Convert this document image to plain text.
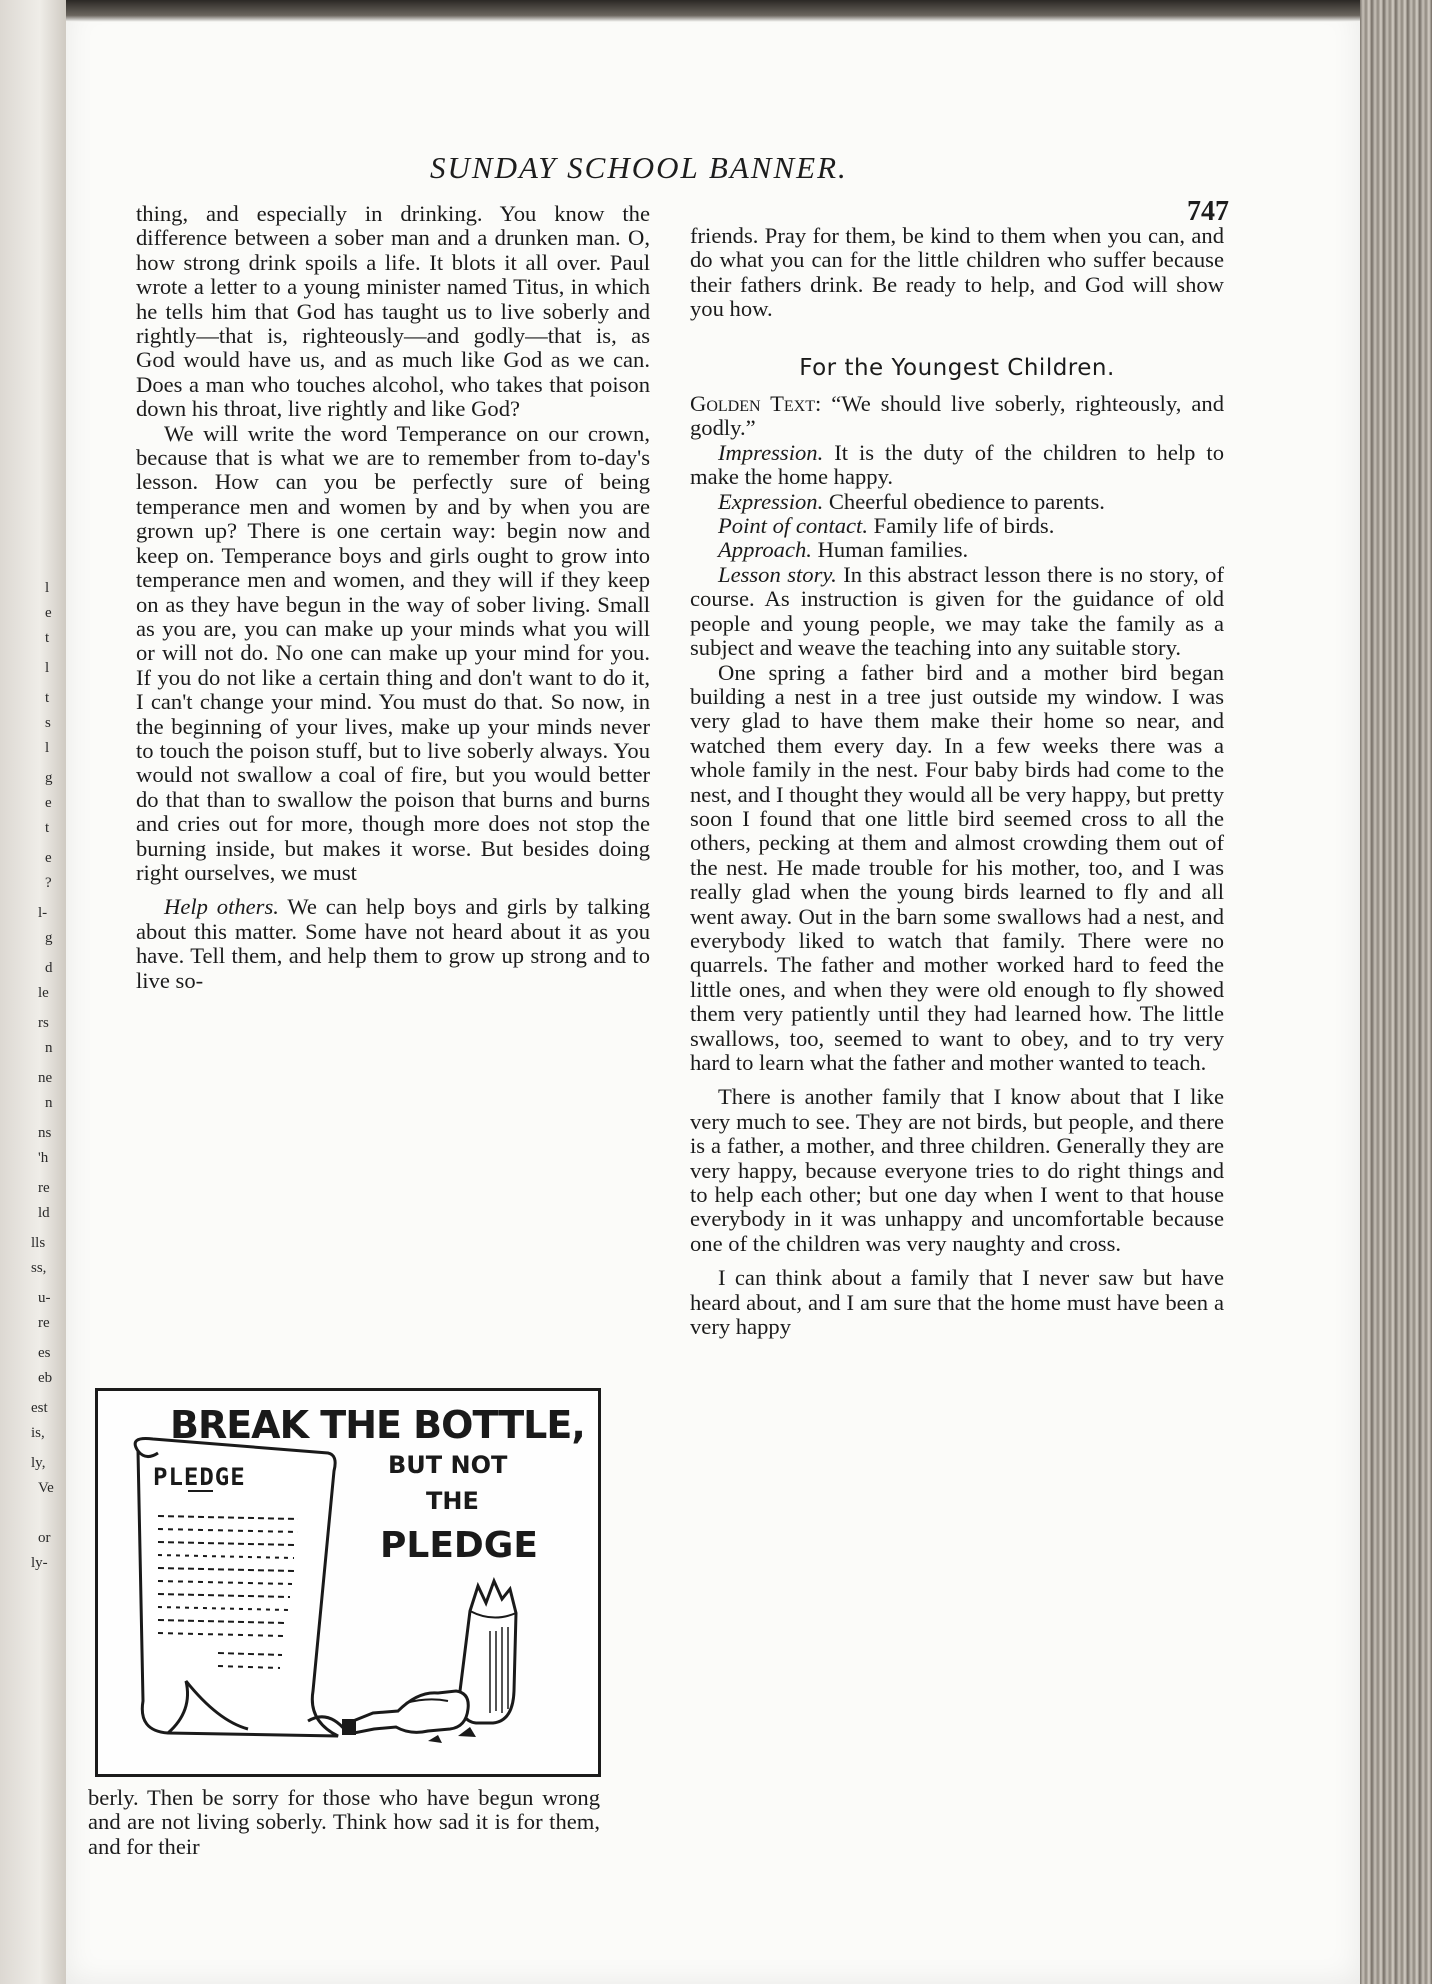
l
e
t
l
t
s
l
g
e
t
e
?
l-
g
d
le
rs
n
ne
n
ns
'h
re
ld
lls
ss,
u-
re
es
eb
est
is,
ly,
Ve
or
ly-
SUNDAY SCHOOL BANNER.
747

thing, and especially in drinking. You know the difference between a sober man and a drunken man. O, how strong drink spoils a life. It blots it all over. Paul wrote a letter to a young minister named Titus, in which he tells him that God has taught us to live soberly and rightly—that is, righteously—and godly—that is, as God would have us, and as much like God as we can. Does a man who touches alcohol, who takes that poison down his throat, live rightly and like God?

We will write the word Temperance on our crown, because that is what we are to remember from to-day's lesson. How can you be perfectly sure of being temperance men and women by and by when you are grown up? There is one certain way: begin now and keep on. Temperance boys and girls ought to grow into temperance men and women, and they will if they keep on as they have begun in the way of sober living. Small as you are, you can make up your minds what you will or will not do. No one can make up your mind for you. If you do not like a certain thing and don't want to do it, I can't change your mind. You must do that. So now, in the beginning of your lives, make up your minds never to touch the poison stuff, but to live soberly always. You would not swallow a coal of fire, but you would better do that than to swallow the poison that burns and burns and cries out for more, though more does not stop the burning inside, but makes it worse. But besides doing right ourselves, we must

Help others. We can help boys and girls by talking about this matter. Some have not heard about it as you have. Tell them, and help them to grow up strong and to live so-

BREAK THE BOTTLE,
PLEDGE	BUT NOT
THE
PLEDGE

berly. Then be sorry for those who have begun wrong and are not living soberly. Think how sad it is for them, and for their

friends. Pray for them, be kind to them when you can, and do what you can for the little children who suffer because their fathers drink. Be ready to help, and God will show you how.

For the Youngest Children.

Golden Text: “We should live soberly, righteously, and godly.”

Impression. It is the duty of the children to help to make the home happy.

Expression. Cheerful obedience to parents.

Point of contact. Family life of birds.

Approach. Human families.

Lesson story. In this abstract lesson there is no story, of course. As instruction is given for the guidance of old people and young people, we may take the family as a subject and weave the teaching into any suitable story.

One spring a father bird and a mother bird began building a nest in a tree just outside my window. I was very glad to have them make their home so near, and watched them every day. In a few weeks there was a whole family in the nest. Four baby birds had come to the nest, and I thought they would all be very happy, but pretty soon I found that one little bird seemed cross to all the others, pecking at them and almost crowding them out of the nest. He made trouble for his mother, too, and I was really glad when the young birds learned to fly and all went away. Out in the barn some swallows had a nest, and everybody liked to watch that family. There were no quarrels. The father and mother worked hard to feed the little ones, and when they were old enough to fly showed them very patiently until they had learned how. The little swallows, too, seemed to want to obey, and to try very hard to learn what the father and mother wanted to teach.

There is another family that I know about that I like very much to see. They are not birds, but people, and there is a father, a mother, and three children. Generally they are very happy, because everyone tries to do right things and to help each other; but one day when I went to that house everybody in it was unhappy and uncomfortable because one of the children was very naughty and cross.

I can think about a family that I never saw but have heard about, and I am sure that the home must have been a very happy
